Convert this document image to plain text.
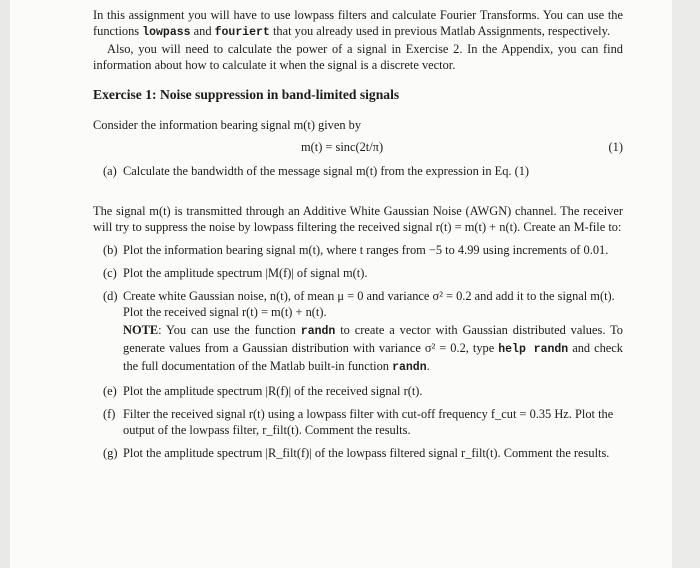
In this assignment you will have to use lowpass filters and calculate Fourier Transforms. You can use the functions lowpass and fouriert that you already used in previous Matlab Assignments, respectively.

Also, you will need to calculate the power of a signal in Exercise 2. In the Appendix, you can find information about how to calculate it when the signal is a discrete vector.

Exercise 1: Noise suppression in band-limited signals

Consider the information bearing signal m(t) given by

m(t) = sinc(2t/π)	(1)
(a) Calculate the bandwidth of the message signal m(t) from the expression in Eq. (1)

The signal m(t) is transmitted through an Additive White Gaussian Noise (AWGN) channel. The receiver will try to suppress the noise by lowpass filtering the received signal r(t) = m(t) + n(t). Create an M-file to:

(b) Plot the information bearing signal m(t), where t ranges from −5 to 4.99 using increments of 0.01.

(c) Plot the amplitude spectrum |M(f)| of signal m(t).

(d) Create white Gaussian noise, n(t), of mean μ = 0 and variance σ² = 0.2 and add it to the signal m(t). Plot the received signal r(t) = m(t) + n(t).

NOTE: You can use the function randn to create a vector with Gaussian distributed values. To generate values from a Gaussian distribution with variance σ² = 0.2, type help randn and check the full documentation of the Matlab built-in function randn.

(e) Plot the amplitude spectrum |R(f)| of the received signal r(t).

(f) Filter the received signal r(t) using a lowpass filter with cut-off frequency f_cut = 0.35 Hz. Plot the output of the lowpass filter, r_filt(t). Comment the results.

(g) Plot the amplitude spectrum |R_filt(f)| of the lowpass filtered signal r_filt(t). Comment the results.
